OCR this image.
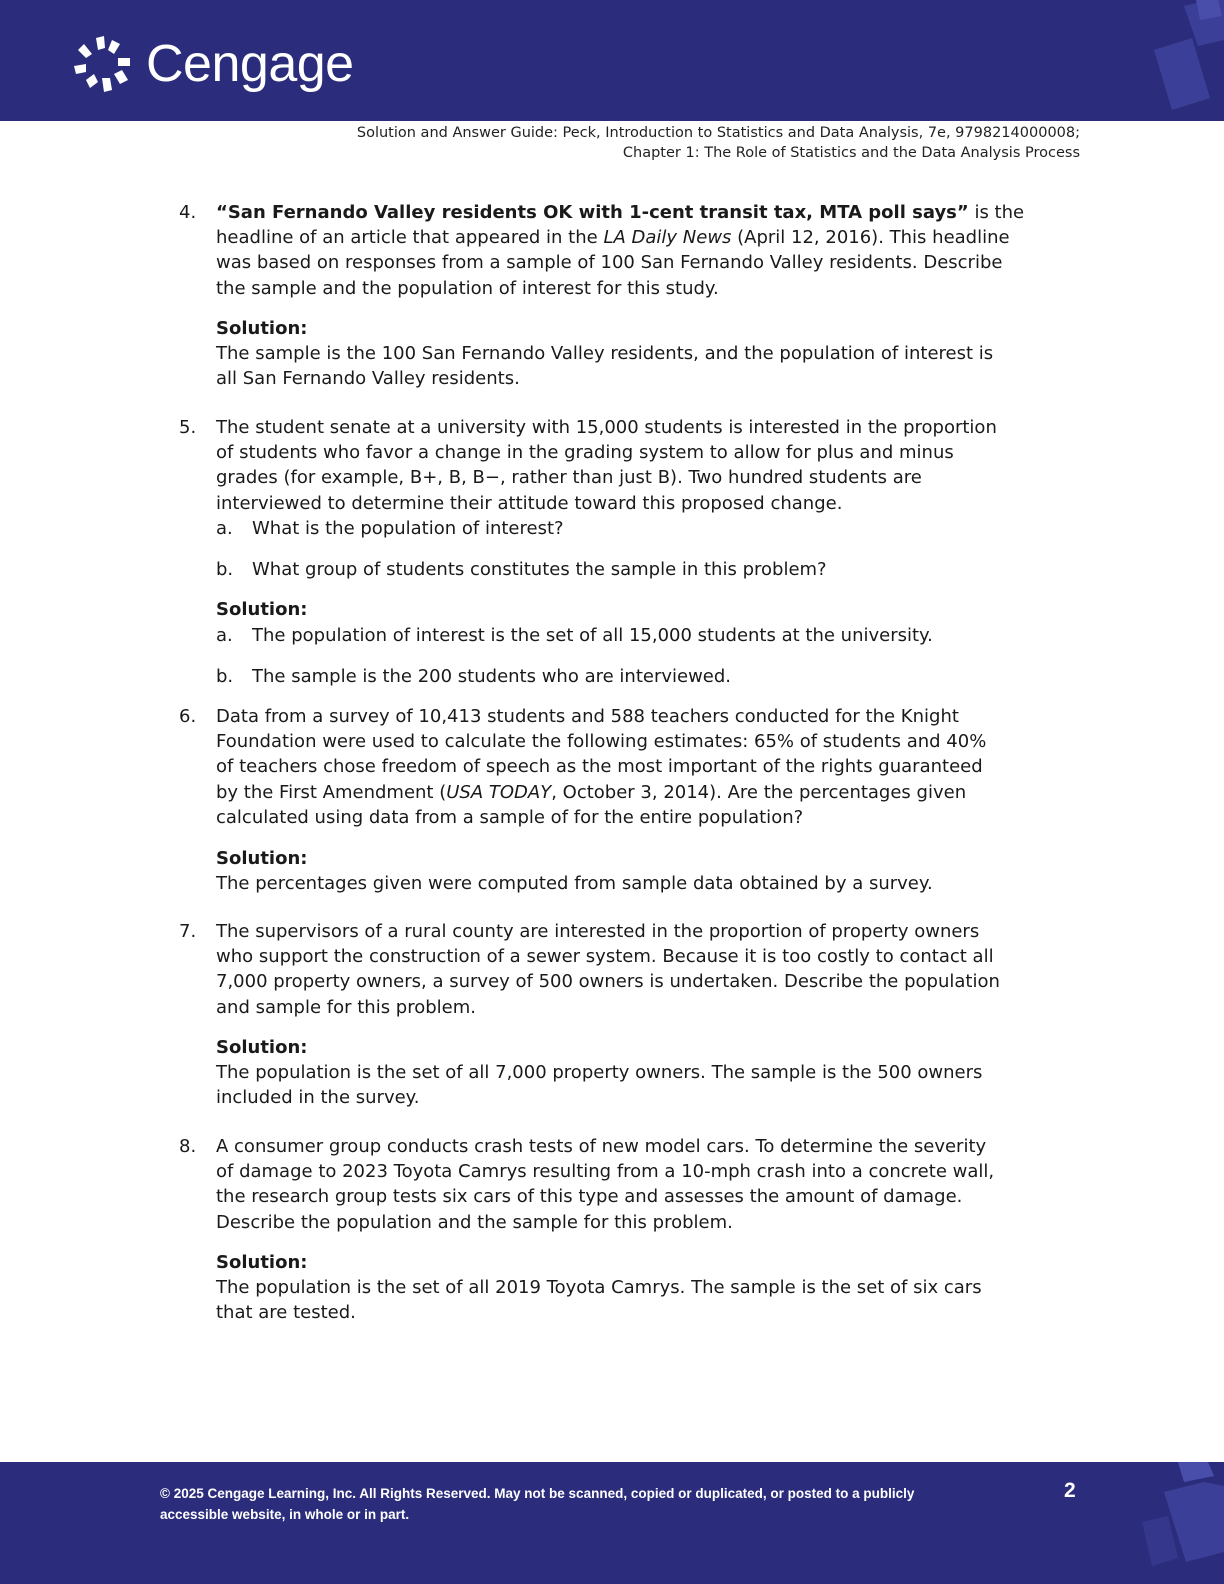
Cengage
Solution and Answer Guide: Peck, Introduction to Statistics and Data Analysis, 7e, 9798214000008;
Chapter 1: The Role of Statistics and the Data Analysis Process
4. “San Fernando Valley residents OK with 1-cent transit tax, MTA poll says” is the
headline of an article that appeared in the LA Daily News (April 12, 2016). This headline
was based on responses from a sample of 100 San Fernando Valley residents. Describe
the sample and the population of interest for this study.
Solution:
The sample is the 100 San Fernando Valley residents, and the population of interest is
all San Fernando Valley residents.
5. The student senate at a university with 15,000 students is interested in the proportion
of students who favor a change in the grading system to allow for plus and minus
grades (for example, B+, B, B−, rather than just B). Two hundred students are
interviewed to determine their attitude toward this proposed change.
a. What is the population of interest?
b. What group of students constitutes the sample in this problem?
Solution:
a. The population of interest is the set of all 15,000 students at the university.
b. The sample is the 200 students who are interviewed.
6. Data from a survey of 10,413 students and 588 teachers conducted for the Knight
Foundation were used to calculate the following estimates: 65% of students and 40%
of teachers chose freedom of speech as the most important of the rights guaranteed
by the First Amendment (USA TODAY, October 3, 2014). Are the percentages given
calculated using data from a sample of for the entire population?
Solution:
The percentages given were computed from sample data obtained by a survey.
7. The supervisors of a rural county are interested in the proportion of property owners
who support the construction of a sewer system. Because it is too costly to contact all
7,000 property owners, a survey of 500 owners is undertaken. Describe the population
and sample for this problem.
Solution:
The population is the set of all 7,000 property owners. The sample is the 500 owners
included in the survey.
8. A consumer group conducts crash tests of new model cars. To determine the severity
of damage to 2023 Toyota Camrys resulting from a 10-mph crash into a concrete wall,
the research group tests six cars of this type and assesses the amount of damage.
Describe the population and the sample for this problem.
Solution:
The population is the set of all 2019 Toyota Camrys. The sample is the set of six cars
that are tested.
© 2025 Cengage Learning, Inc. All Rights Reserved. May not be scanned, copied or duplicated, or posted to a publicly
accessible website, in whole or in part.
2
